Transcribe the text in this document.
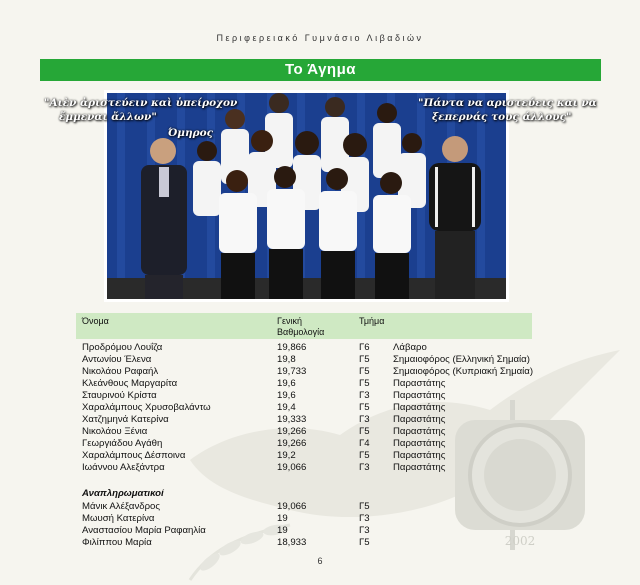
2002
Περιφερειακό Γυμνάσιο Λιβαδιών
Το Άγημα
"Αιὲν ἀριστεύειν καὶ ὑπείροχον
ἔμμεναι ἄλλων"
Όμηρος
"Πάντα να αριστεύεις και να
ξεπερνάς τους άλλους"
Όνομα	Γενική
Βαθμολογία
Τμήμα
Προδρόμου Λουΐζα	19,866	Γ6 Λάβαρο
Αντωνίου Έλενα	19,8	Γ5 Σημαιοφόρος (Ελληνική Σημαία)
Νικολάου Ραφαήλ	19,733	Γ5 Σημαιοφόρος (Κυπριακή Σημαία)
Κλεάνθους Μαργαρίτα	19,6	Γ5 Παραστάτης
Σταυρινού Κρίστα	19,6	Γ3 Παραστάτης
Χαραλάμπους Χρυσοβαλάντω	19,4	Γ5 Παραστάτης
Χατζημηνά Κατερίνα	19,333	Γ3 Παραστάτης
Νικολάου Ξένια	19,266	Γ5 Παραστάτης
Γεωργιάδου Αγάθη	19,266	Γ4 Παραστάτης
Χαραλάμπους Δέσποινα	19,2	Γ5 Παραστάτης
Ιωάννου Αλεξάντρα	19,066	Γ3 Παραστάτης
Αναπληρωματικοί
Μάνικ Αλέξανδρος	19,066	Γ5
Μωυσή Κατερίνα	19	Γ3
Αναστασίου Μαρία Ραφαηλία	19	Γ3
Φιλίππου Μαρία	18,933	Γ5
6
